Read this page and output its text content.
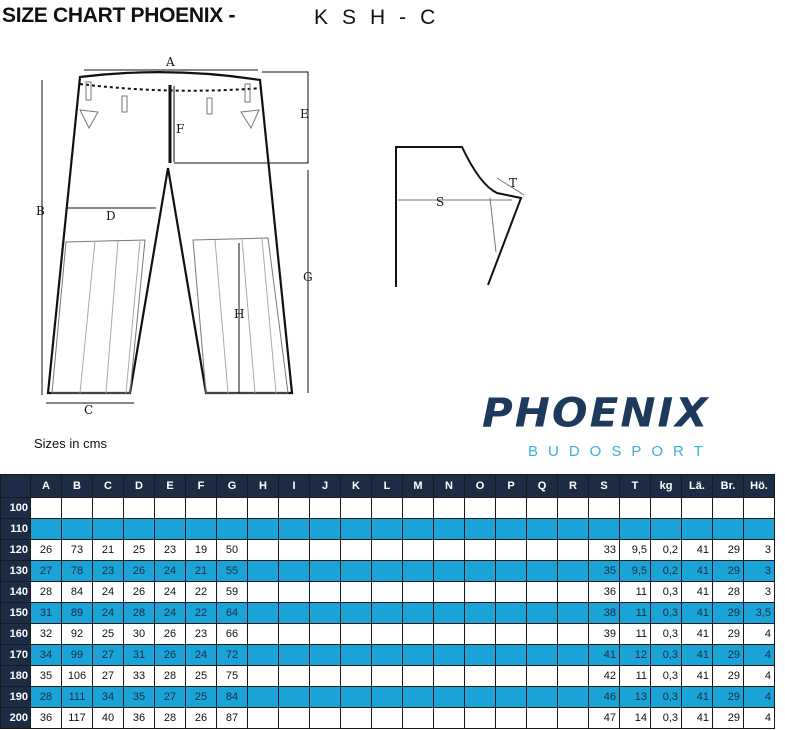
SIZE CHART PHOENIX -	KSH-C
A
B
C
D
E
F
G
H
S
T
PHOENIX
BUDOSPORT
Sizes in cms
	A	B	C	D	E	F	G	H	I	J	K	L	M	N	O	P	Q	R	S	T	kg	Lä.	Br.	Hö.
100																								
110																								
120	26	73	21	25	23	19	50												33	9,5	0,2	41	29	3
130	27	78	23	26	24	21	55												35	9,5	0,2	41	29	3
140	28	84	24	26	24	22	59												36	11	0,3	41	28	3
150	31	89	24	28	24	22	64												38	11	0,3	41	29	3,5
160	32	92	25	30	26	23	66												39	11	0,3	41	29	4
170	34	99	27	31	26	24	72												41	12	0,3	41	29	4
180	35	106	27	33	28	25	75												42	11	0,3	41	29	4
190	28	111	34	35	27	25	84												46	13	0,3	41	29	4
200	36	117	40	36	28	26	87												47	14	0,3	41	29	4
